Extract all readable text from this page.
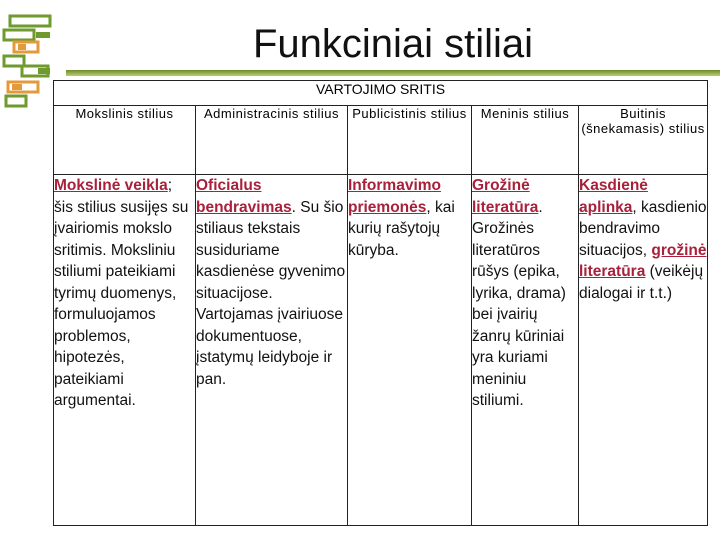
Funkciniai stiliai
VARTOJIMO SRITIS				
Mokslinis stilius	Administracinis stilius	Publicistinis stilius	Meninis stilius	Buitinis (šnekamasis) stilius
Mokslinė veikla; šis stilius susijęs su įvairiomis mokslo sritimis. Moksliniu stiliumi pateikiami tyrimų duomenys, formuluojamos problemos, hipotezės, pateikiami argumentai.	Oficialus bendravimas. Su šio stiliaus tekstais susiduriame kasdienėse gyvenimo situacijose. Vartojamas įvairiuose dokumentuose, įstatymų leidyboje ir pan.	Informavimo priemonės, kai kurių rašytojų kūryba.	Grožinė literatūra. Grožinės literatūros rūšys (epika, lyrika, drama) bei įvairių žanrų kūriniai yra kuriami meniniu stiliumi.	Kasdienė aplinka, kasdienio bendravimo situacijos, grožinė literatūra (veikėjų dialogai ir t.t.)
